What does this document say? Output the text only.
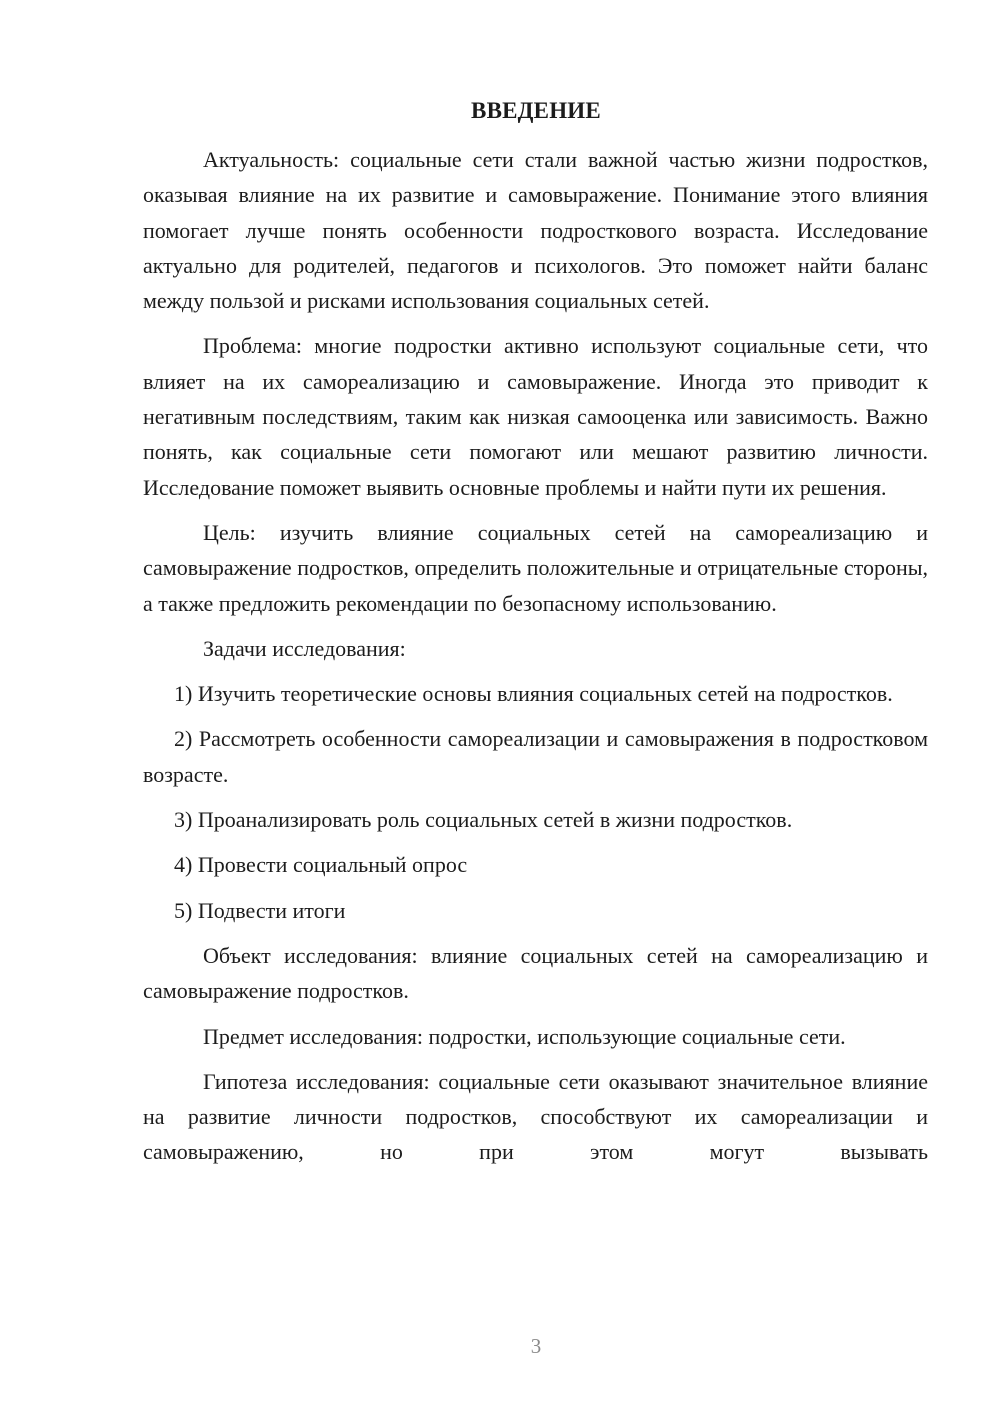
ВВЕДЕНИЕ

Актуальность: социальные сети стали важной частью жизни подростков, оказывая влияние на их развитие и самовыражение. Понимание этого влияния помогает лучше понять особенности подросткового возраста. Исследование актуально для родителей, педагогов и психологов. Это поможет найти баланс между пользой и рисками использования социальных сетей.

Проблема: многие подростки активно используют социальные сети, что влияет на их самореализацию и самовыражение. Иногда это приводит к негативным последствиям, таким как низкая самооценка или зависимость. Важно понять, как социальные сети помогают или мешают развитию личности. Исследование поможет выявить основные проблемы и найти пути их решения.

Цель: изучить влияние социальных сетей на самореализацию и самовыражение подростков, определить положительные и отрицательные стороны, а также предложить рекомендации по безопасному использованию.

Задачи исследования:

1) Изучить теоретические основы влияния социальных сетей на подростков.

2) Рассмотреть особенности самореализации и самовыражения в подростковом возрасте.

3) Проанализировать роль социальных сетей в жизни подростков.

4) Провести социальный опрос

5) Подвести итоги

Объект исследования: влияние социальных сетей на самореализацию и самовыражение подростков.

Предмет исследования: подростки, использующие социальные сети.

Гипотеза исследования: социальные сети оказывают значительное влияние на развитие личности подростков, способствуют их самореализации и самовыражению, но при этом могут вызывать

3
